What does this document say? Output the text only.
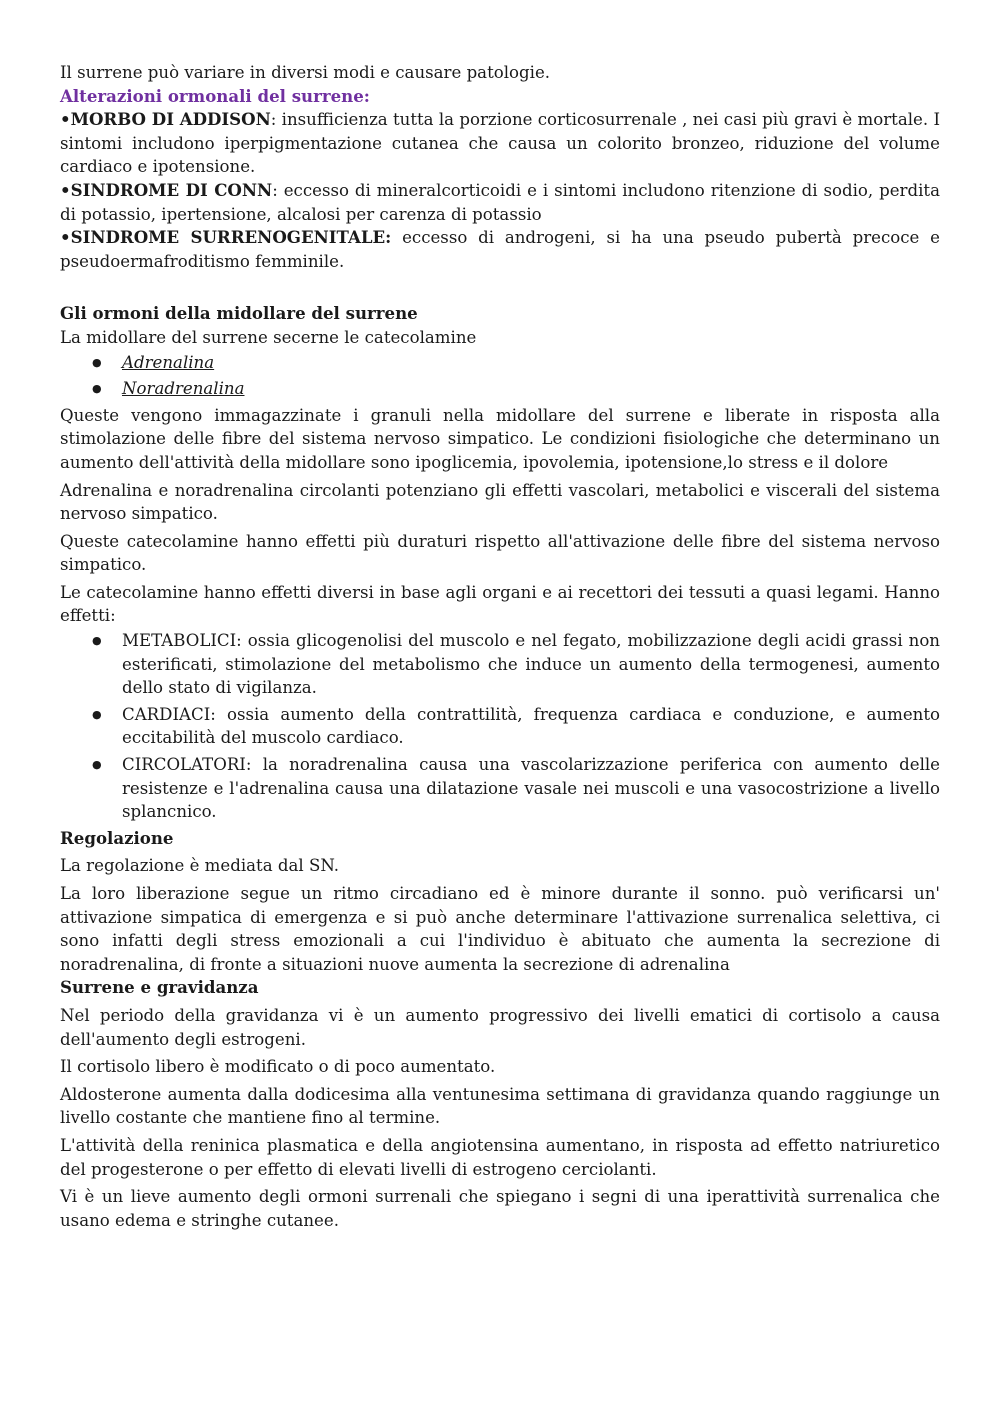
Il surrene può variare in diversi modi e causare patologie.

Alterazioni ormonali del surrene:

•MORBO DI ADDISON: insufficienza tutta la porzione corticosurrenale , nei casi più gravi è mortale. I sintomi includono iperpigmentazione cutanea che causa un colorito bronzeo, riduzione del volume cardiaco e ipotensione.

•SINDROME DI CONN: eccesso di mineralcorticoidi e i sintomi includono ritenzione di sodio, perdita di potassio, ipertensione, alcalosi per carenza di potassio

•SINDROME SURRENOGENITALE: eccesso di androgeni, si ha una pseudo pubertà precoce e pseudoermafroditismo femminile.

Gli ormoni della midollare del surrene

La midollare del surrene secerne le catecolamine

● Adrenalina
● Noradrenalina

Queste vengono immagazzinate i granuli nella midollare del surrene e liberate in risposta alla stimolazione delle fibre del sistema nervoso simpatico. Le condizioni fisiologiche che determinano un aumento dell'attività della midollare sono ipoglicemia, ipovolemia, ipotensione,lo stress e il dolore

Adrenalina e noradrenalina circolanti potenziano gli effetti vascolari, metabolici e viscerali del sistema nervoso simpatico.

Queste catecolamine hanno effetti più duraturi rispetto all'attivazione delle fibre del sistema nervoso simpatico.

Le catecolamine hanno effetti diversi in base agli organi e ai recettori dei tessuti a quasi legami. Hanno effetti:

● METABOLICI: ossia glicogenolisi del muscolo e nel fegato, mobilizzazione degli acidi grassi non esterificati, stimolazione del metabolismo che induce un aumento della termogenesi, aumento dello stato di vigilanza.
● CARDIACI: ossia aumento della contrattilità, frequenza cardiaca e conduzione, e aumento eccitabilità del muscolo cardiaco.
● CIRCOLATORI: la noradrenalina causa una vascolarizzazione periferica con aumento delle resistenze e l'adrenalina causa una dilatazione vasale nei muscoli e una vasocostrizione a livello splancnico.

Regolazione

La regolazione è mediata dal SN.

La loro liberazione segue un ritmo circadiano ed è minore durante il sonno. può verificarsi un' attivazione simpatica di emergenza e si può anche determinare l'attivazione surrenalica selettiva, ci sono infatti degli stress emozionali a cui l'individuo è abituato che aumenta la secrezione di noradrenalina, di fronte a situazioni nuove aumenta la secrezione di adrenalina

Surrene e gravidanza

Nel periodo della gravidanza vi è un aumento progressivo dei livelli ematici di cortisolo a causa dell'aumento degli estrogeni.

Il cortisolo libero è modificato o di poco aumentato.

Aldosterone aumenta dalla dodicesima alla ventunesima settimana di gravidanza quando raggiunge un livello costante che mantiene fino al termine.

L'attività della reninica plasmatica e della angiotensina aumentano, in risposta ad effetto natriuretico del progesterone o per effetto di elevati livelli di estrogeno cerciolanti.

Vi è un lieve aumento degli ormoni surrenali che spiegano i segni di una iperattività surrenalica che usano edema e stringhe cutanee.
